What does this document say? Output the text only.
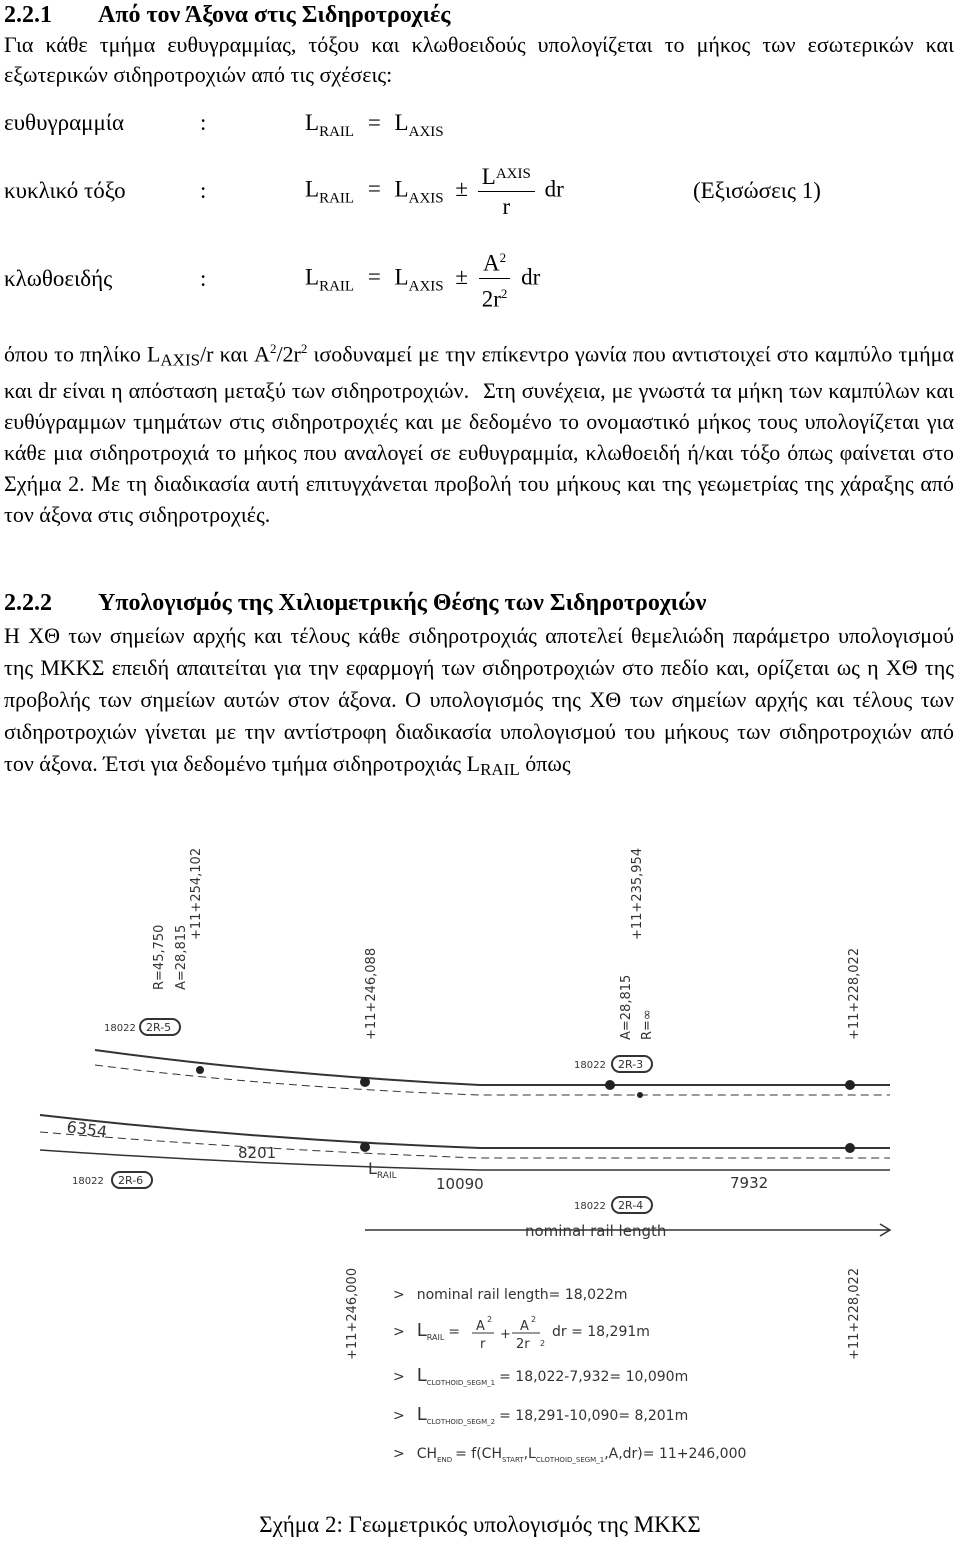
2.2.1 Από τον Άξονα στις Σιδηροτροχιές

Για κάθε τμήμα ευθυγραμμίας, τόξου και κλωθοειδούς υπολογίζεται το μήκος των εσωτερικών και εξωτερικών σιδηροτροχιών από τις σχέσεις:

ευθυγραμμία	:	$L_{RAIL} = L_{AXIS}$
κυκλικό τόξο	:	$L_{RAIL} = L_{AXIS} \pm \frac{L^{AXIS}}{r}$ dr	(Εξισώσεις 1)
κλωθοειδής	:	$L_{RAIL} = L_{AXIS} \pm \frac{A^2}{2r^2}$ dr

όπου το πηλίκο $L_{AXIS}/r$ και $A^2/2r^2$ ισοδυναμεί με την επίκεντρο γωνία που αντιστοιχεί στο καμπύλο τμήμα και dr είναι η απόσταση μεταξύ των σιδηροτροχιών. Στη συνέχεια, με γνωστά τα μήκη των καμπύλων και ευθύγραμμων τμημάτων στις σιδηροτροχιές και με δεδομένο το ονομαστικό μήκος τους υπολογίζεται για κάθε μια σιδηροτροχιά το μήκος που αναλογεί σε ευθυγραμμία, κλωθοειδή ή/και τόξο όπως φαίνεται στο Σχήμα 2. Με τη διαδικασία αυτή επιτυγχάνεται προβολή του μήκους και της γεωμετρίας της χάραξης από τον άξονα στις σιδηροτροχιές.

2.2.2 Υπολογισμός της Χιλιομετρικής Θέσης των Σιδηροτροχιών

Η ΧΘ των σημείων αρχής και τέλους κάθε σιδηροτροχιάς αποτελεί θεμελιώδη παράμετρο υπολογισμού της ΜΚΚΣ επειδή απαιτείται για την εφαρμογή των σιδηροτροχιών στο πεδίο και, ορίζεται ως η ΧΘ της προβολής των σημείων αυτών στον άξονα. Ο υπολογισμός της ΧΘ των σημείων αρχής και τέλους των σιδηροτροχιών γίνεται με την αντίστροφη διαδικασία υπολογισμού του μήκους των σιδηροτροχιών από τον άξονα. Έτσι για δεδομένο τμήμα σιδηροτροχιάς $L_{RAIL}$ όπως

+11+254,102
R=45,750 A=28,815	+11+246,088
+11+235,954
A=28,815 R=∞	+11+228,022
18022 2R-5
18022 2R-3
18022 2R-6
18022 2R-4
6354
8201
10090	7932
$L_{RAIL}$
nominal rail length
+11+246,000	+11+228,022
> nominal rail length= 18,022m
> $L_{RAIL} = A$ 2
r
+
A 2
2r 2
dr = 18,291m
> $L_{CLOTHOID\_SEGM\_1} = 18,022-7,932= 10,090m$
> $L_{CLOTHOID\_SEGM\_2} = 18,291-10,090= 8,201m$
> $CH_{END} = f(CH_{START},L_{CLOTHOID\_SEGM\_1},A,dr)= 11+246,000$
Σχήμα 2: Γεωμετρικός υπολογισμός της ΜΚΚΣ
